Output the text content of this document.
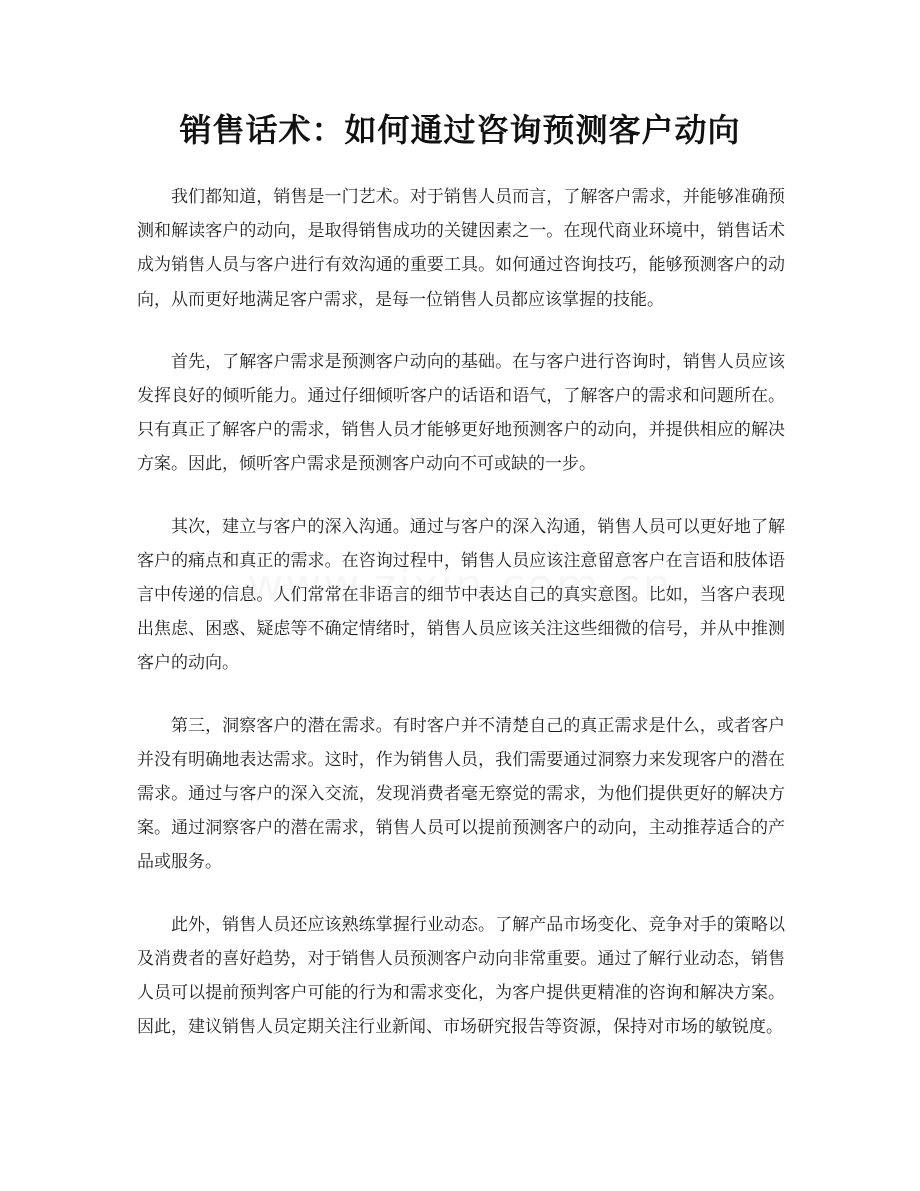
销售话术：如何通过咨询预测客户动向

我们都知道，销售是一门艺术。对于销售人员而言，了解客户需求，并能够准确预测和解读客户的动向，是取得销售成功的关键因素之一。在现代商业环境中，销售话术成为销售人员与客户进行有效沟通的重要工具。如何通过咨询技巧，能够预测客户的动向，从而更好地满足客户需求，是每一位销售人员都应该掌握的技能。

首先，了解客户需求是预测客户动向的基础。在与客户进行咨询时，销售人员应该发挥良好的倾听能力。通过仔细倾听客户的话语和语气，了解客户的需求和问题所在。只有真正了解客户的需求，销售人员才能够更好地预测客户的动向，并提供相应的解决方案。因此，倾听客户需求是预测客户动向不可或缺的一步。

其次，建立与客户的深入沟通。通过与客户的深入沟通，销售人员可以更好地了解客户的痛点和真正的需求。在咨询过程中，销售人员应该注意留意客户在言语和肢体语言中传递的信息。人们常常在非语言的细节中表达自己的真实意图。比如，当客户表现出焦虑、困惑、疑虑等不确定情绪时，销售人员应该关注这些细微的信号，并从中推测客户的动向。

第三，洞察客户的潜在需求。有时客户并不清楚自己的真正需求是什么，或者客户并没有明确地表达需求。这时，作为销售人员，我们需要通过洞察力来发现客户的潜在需求。通过与客户的深入交流，发现消费者毫无察觉的需求，为他们提供更好的解决方案。通过洞察客户的潜在需求，销售人员可以提前预测客户的动向，主动推荐适合的产品或服务。

此外，销售人员还应该熟练掌握行业动态。了解产品市场变化、竞争对手的策略以及消费者的喜好趋势，对于销售人员预测客户动向非常重要。通过了解行业动态，销售人员可以提前预判客户可能的行为和需求变化，为客户提供更精准的咨询和解决方案。因此，建议销售人员定期关注行业新闻、市场研究报告等资源，保持对市场的敏锐度。
